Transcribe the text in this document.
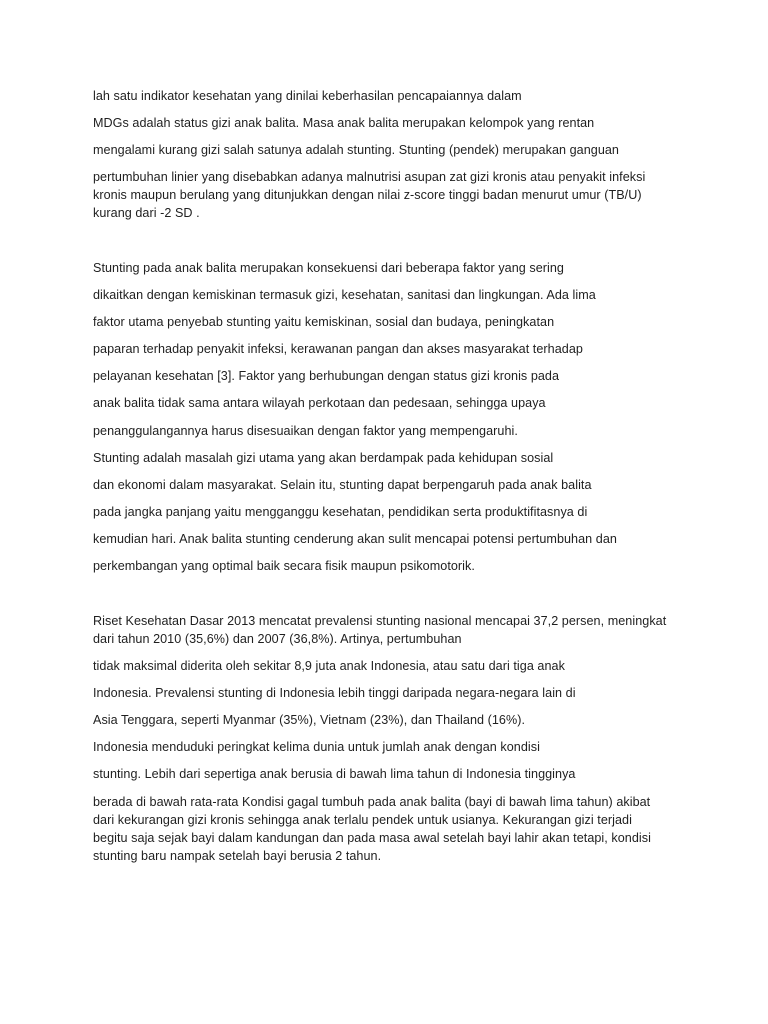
lah satu indikator kesehatan yang dinilai keberhasilan pencapaiannya dalam
MDGs adalah status gizi anak balita. Masa anak balita merupakan kelompok yang rentan
mengalami kurang gizi salah satunya adalah stunting. Stunting (pendek) merupakan ganguan
pertumbuhan linier yang disebabkan adanya malnutrisi asupan zat gizi kronis atau penyakit infeksi
kronis maupun berulang yang ditunjukkan dengan nilai z-score tinggi badan menurut umur (TB/U)
kurang dari -2 SD .
Stunting pada anak balita merupakan konsekuensi dari beberapa faktor yang sering
dikaitkan dengan kemiskinan termasuk gizi, kesehatan, sanitasi dan lingkungan. Ada lima
faktor utama penyebab stunting yaitu kemiskinan, sosial dan budaya, peningkatan
paparan terhadap penyakit infeksi, kerawanan pangan dan akses masyarakat terhadap
pelayanan kesehatan [3]. Faktor yang berhubungan dengan status gizi kronis pada
anak balita tidak sama antara wilayah perkotaan dan pedesaan, sehingga upaya
penanggulangannya harus disesuaikan dengan faktor yang mempengaruhi.
Stunting adalah masalah gizi utama yang akan berdampak pada kehidupan sosial
dan ekonomi dalam masyarakat. Selain itu, stunting dapat berpengaruh pada anak balita
pada jangka panjang yaitu mengganggu kesehatan, pendidikan serta produktifitasnya di
kemudian hari. Anak balita stunting cenderung akan sulit mencapai potensi pertumbuhan dan
perkembangan yang optimal baik secara fisik maupun psikomotorik.
Riset Kesehatan Dasar 2013 mencatat prevalensi stunting nasional mencapai 37,2 persen, meningkat
dari tahun 2010 (35,6%) dan 2007 (36,8%). Artinya, pertumbuhan
tidak maksimal diderita oleh sekitar 8,9 juta anak Indonesia, atau satu dari tiga anak
Indonesia. Prevalensi stunting di Indonesia lebih tinggi daripada negara-negara lain di
Asia Tenggara, seperti Myanmar (35%), Vietnam (23%), dan Thailand (16%).
Indonesia menduduki peringkat kelima dunia untuk jumlah anak dengan kondisi
stunting. Lebih dari sepertiga anak berusia di bawah lima tahun di Indonesia tingginya
berada di bawah rata-rata Kondisi gagal tumbuh pada anak balita (bayi di bawah lima tahun) akibat
dari kekurangan gizi kronis sehingga anak terlalu pendek untuk usianya. Kekurangan gizi terjadi
begitu saja sejak bayi dalam kandungan dan pada masa awal setelah bayi lahir akan tetapi, kondisi
stunting baru nampak setelah bayi berusia 2 tahun.
